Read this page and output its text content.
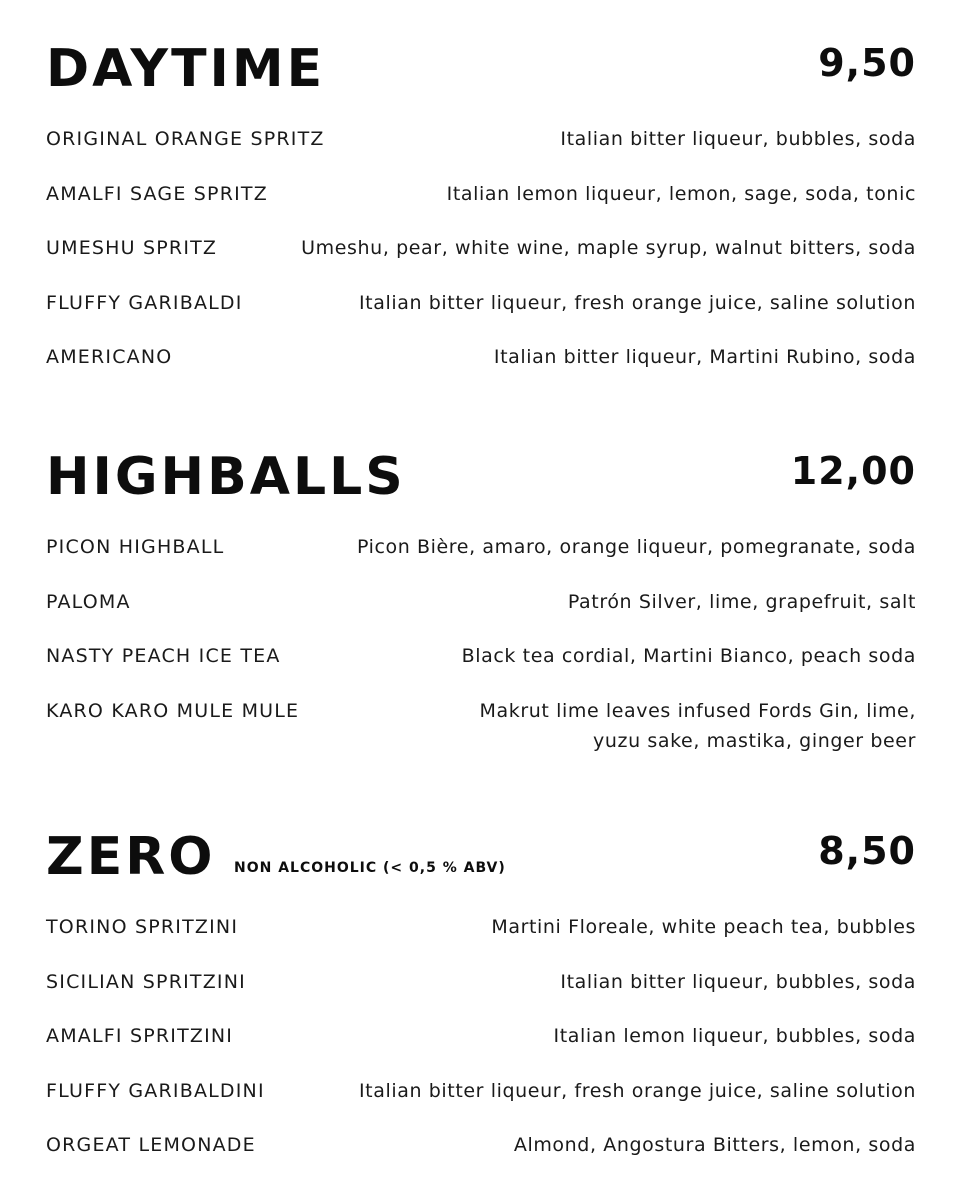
DAYTIME	9,50
ORIGINAL ORANGE SPRITZ	Italian bitter liqueur, bubbles, soda
AMALFI SAGE SPRITZ	Italian lemon liqueur, lemon, sage, soda, tonic
UMESHU SPRITZ	Umeshu, pear, white wine, maple syrup, walnut bitters, soda
FLUFFY GARIBALDI	Italian bitter liqueur, fresh orange juice, saline solution
AMERICANO	Italian bitter liqueur, Martini Rubino, soda
HIGHBALLS	12,00
PICON HIGHBALL	Picon Bière, amaro, orange liqueur, pomegranate, soda
PALOMA	Patrón Silver, lime, grapefruit, salt
NASTY PEACH ICE TEA	Black tea cordial, Martini Bianco, peach soda
KARO KARO MULE MULE	Makrut lime leaves infused Fords Gin, lime,
yuzu sake, mastika, ginger beer
ZERO NON ALCOHOLIC (< 0,5 % ABV)	8,50
TORINO SPRITZINI	Martini Floreale, white peach tea, bubbles
SICILIAN SPRITZINI	Italian bitter liqueur, bubbles, soda
AMALFI SPRITZINI	Italian lemon liqueur, bubbles, soda
FLUFFY GARIBALDINI	Italian bitter liqueur, fresh orange juice, saline solution
ORGEAT LEMONADE	Almond, Angostura Bitters, lemon, soda
